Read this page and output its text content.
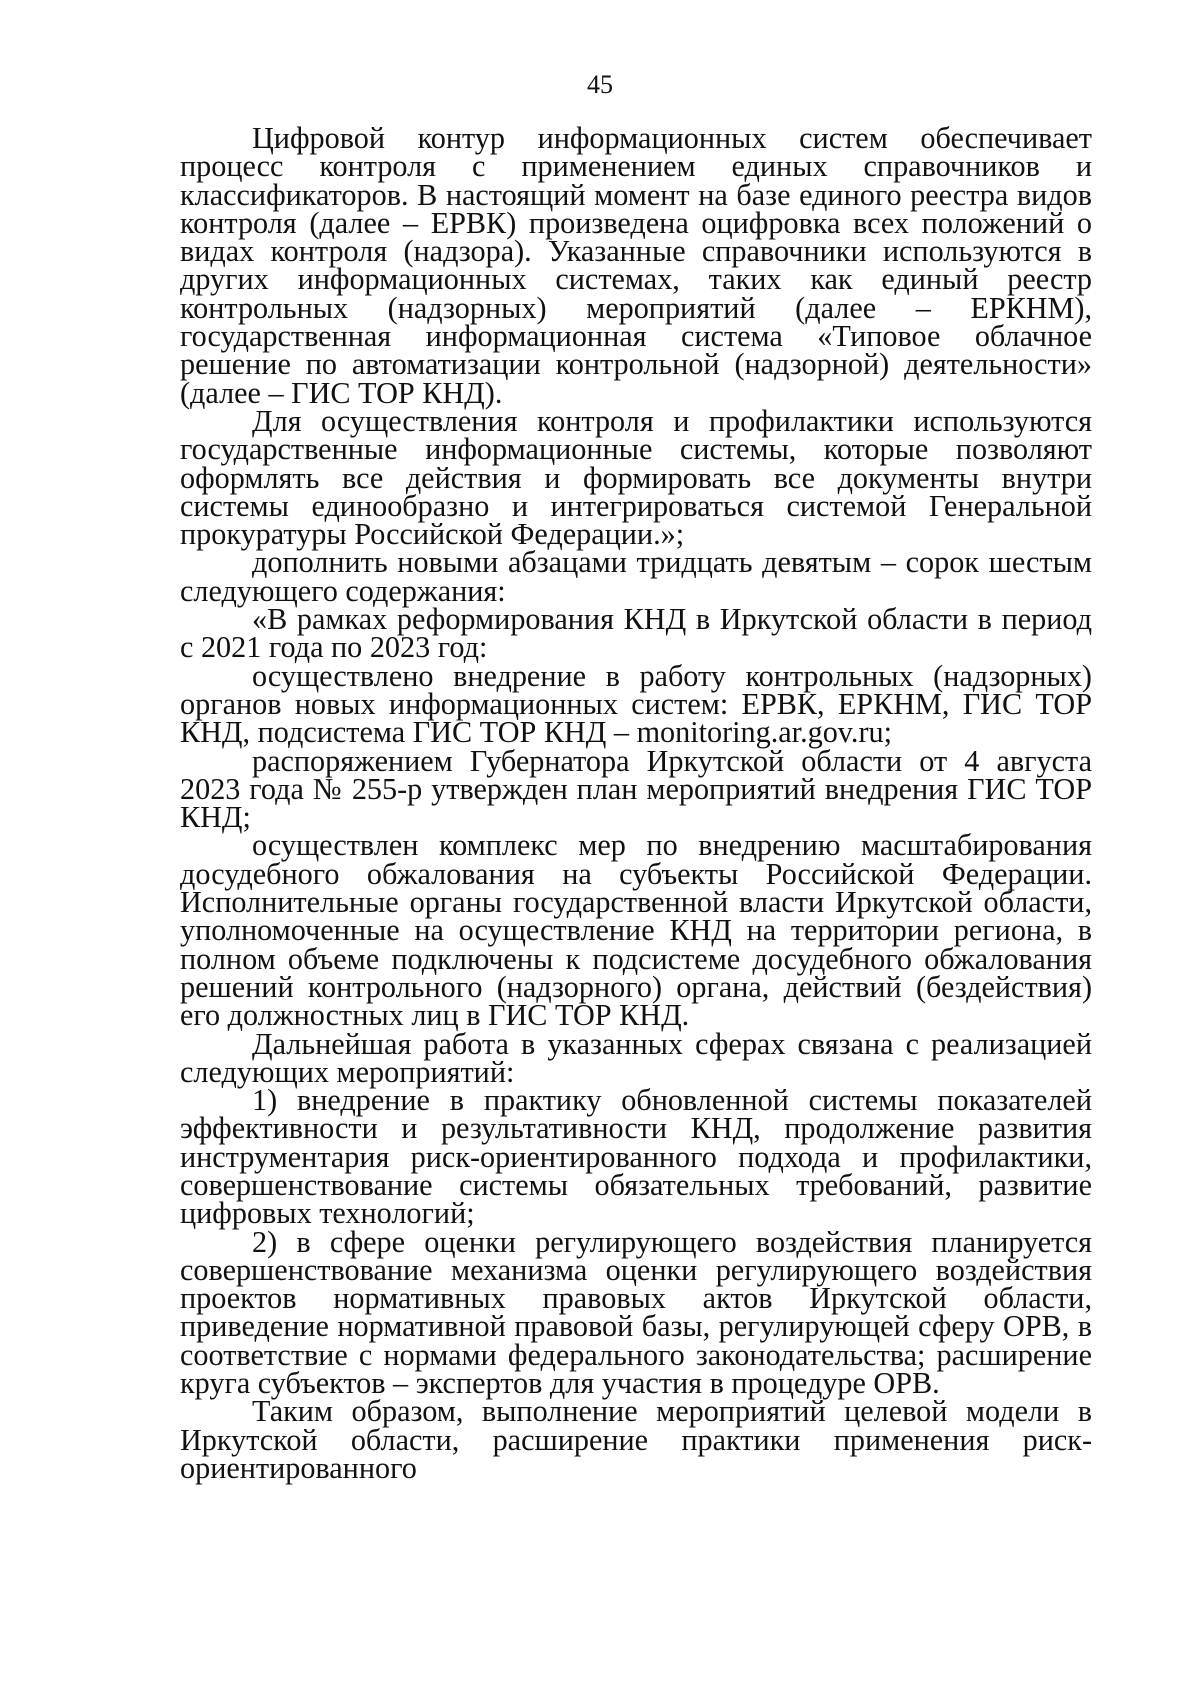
45

Цифровой контур информационных систем обеспечивает процесс контроля с применением единых справочников и классификаторов. В настоящий момент на базе единого реестра видов контроля (далее – ЕРВК) произведена оцифровка всех положений о видах контроля (надзора). Указанные справочники используются в других информационных системах, таких как единый реестр контрольных (надзорных) мероприятий (далее – ЕРКНМ), государственная информационная система «Типовое облачное решение по автоматизации контрольной (надзорной) деятельности» (далее – ГИС ТОР КНД).

Для осуществления контроля и профилактики используются государственные информационные системы, которые позволяют оформлять все действия и формировать все документы внутри системы единообразно и интегрироваться системой Генеральной прокуратуры Российской Федерации.»;

дополнить новыми абзацами тридцать девятым – сорок шестым следующего содержания:

«В рамках реформирования КНД в Иркутской области в период с 2021 года по 2023 год:

осуществлено внедрение в работу контрольных (надзорных) органов новых информационных систем: ЕРВК, ЕРКНМ, ГИС ТОР КНД, подсистема ГИС ТОР КНД – monitoring.ar.gov.ru;

распоряжением Губернатора Иркутской области от 4 августа 2023 года № 255-р утвержден план мероприятий внедрения ГИС ТОР КНД;

осуществлен комплекс мер по внедрению масштабирования досудебного обжалования на субъекты Российской Федерации. Исполнительные органы государственной власти Иркутской области, уполномоченные на осуществление КНД на территории региона, в полном объеме подключены к подсистеме досудебного обжалования решений контрольного (надзорного) органа, действий (бездействия) его должностных лиц в ГИС ТОР КНД.

Дальнейшая работа в указанных сферах связана с реализацией следующих мероприятий:

1) внедрение в практику обновленной системы показателей эффективности и результативности КНД, продолжение развития инструментария риск-ориентированного подхода и профилактики, совершенствование системы обязательных требований, развитие цифровых технологий;

2) в сфере оценки регулирующего воздействия планируется совершенствование механизма оценки регулирующего воздействия проектов нормативных правовых актов Иркутской области, приведение нормативной правовой базы, регулирующей сферу ОРВ, в соответствие с нормами федерального законодательства; расширение круга субъектов – экспертов для участия в процедуре ОРВ.

Таким образом, выполнение мероприятий целевой модели в Иркутской области, расширение практики применения риск-ориентированного
